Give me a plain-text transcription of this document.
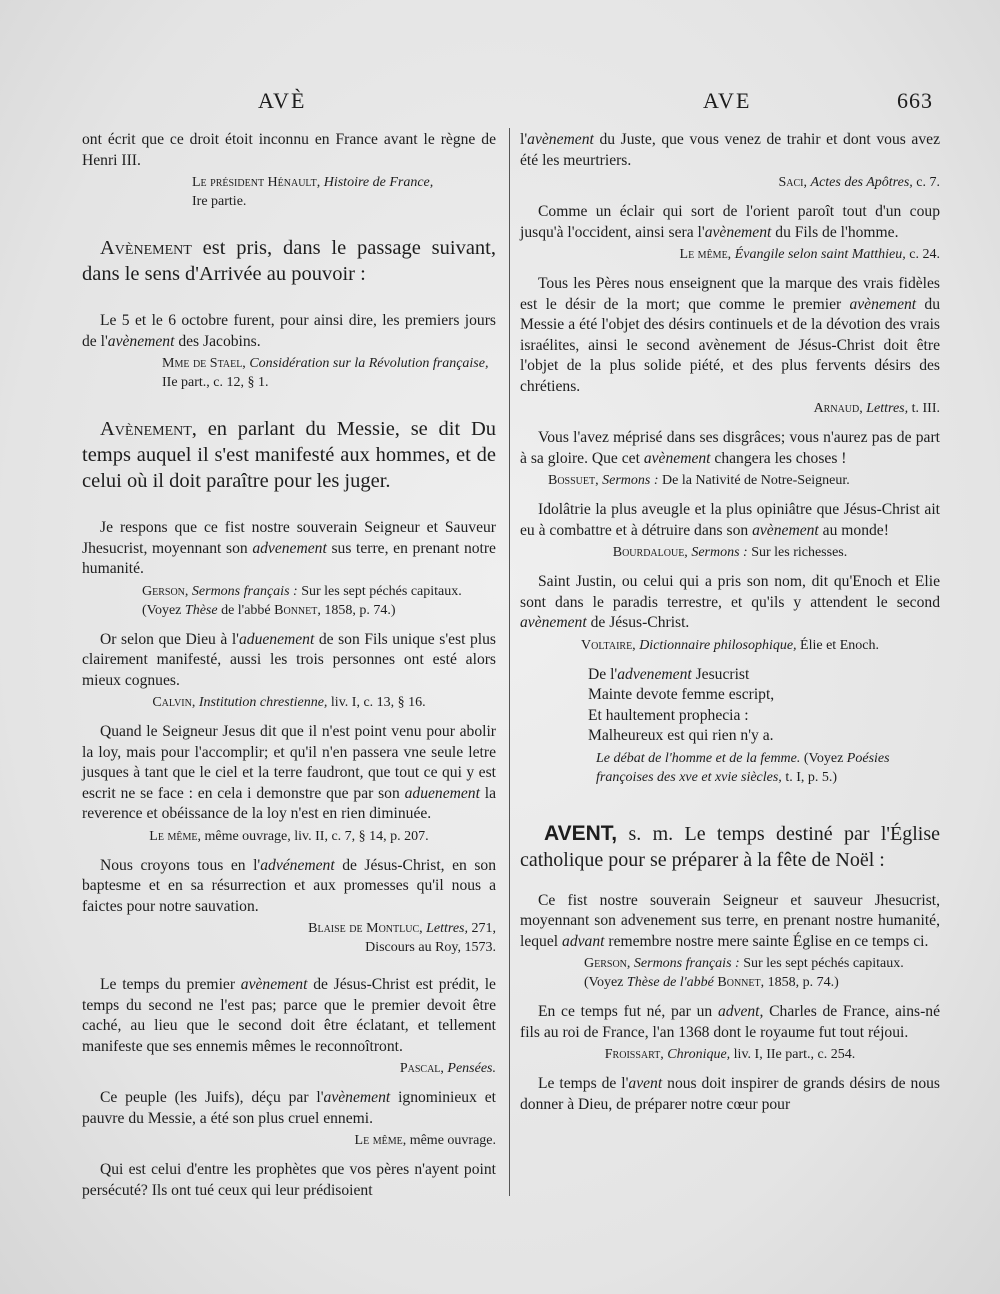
AVÈ	AVE	663

ont écrit que ce droit étoit inconnu en France avant le règne de Henri III.

Le président Hénault, Histoire de France,
Ire partie.

Avènement est pris, dans le passage suivant, dans le sens d'Arrivée au pouvoir :

Le 5 et le 6 octobre furent, pour ainsi dire, les premiers jours de l'avènement des Jacobins.

Mme de Stael, Considération sur la Révolution française, IIe part., c. 12, § 1.

Avènement, en parlant du Messie, se dit Du temps auquel il s'est manifesté aux hommes, et de celui où il doit paraître pour les juger.

Je respons que ce fist nostre souverain Seigneur et Sauveur Jhesucrist, moyennant son advenement sus terre, en prenant notre humanité.

Gerson, Sermons français : Sur les sept péchés capitaux. (Voyez Thèse de l'abbé Bonnet, 1858, p. 74.)

Or selon que Dieu à l'aduenement de son Fils unique s'est plus clairement manifesté, aussi les trois personnes ont esté alors mieux cognues.

Calvin, Institution chrestienne, liv. I, c. 13, § 16.

Quand le Seigneur Jesus dit que il n'est point venu pour abolir la loy, mais pour l'accomplir; et qu'il n'en passera vne seule letre jusques à tant que le ciel et la terre faudront, que tout ce qui y est escrit ne se face : en cela i demonstre que par son aduenement la reverence et obéissance de la loy n'est en rien diminuée.

Le même, même ouvrage, liv. II, c. 7, § 14, p. 207.

Nous croyons tous en l'advénement de Jésus-Christ, en son baptesme et en sa résurrection et aux promesses qu'il nous a faictes pour notre sauvation.

Blaise de Montluc, Lettres, 271,
Discours au Roy, 1573.

Le temps du premier avènement de Jésus-Christ est prédit, le temps du second ne l'est pas; parce que le premier devoit être caché, au lieu que le second doit être éclatant, et tellement manifeste que ses ennemis mêmes le reconnoîtront.

Pascal, Pensées.

Ce peuple (les Juifs), déçu par l'avènement ignominieux et pauvre du Messie, a été son plus cruel ennemi.

Le même, même ouvrage.

Qui est celui d'entre les prophètes que vos pères n'ayent point persécuté? Ils ont tué ceux qui leur prédisoient

l'avènement du Juste, que vous venez de trahir et dont vous avez été les meurtriers.

Saci, Actes des Apôtres, c. 7.

Comme un éclair qui sort de l'orient paroît tout d'un coup jusqu'à l'occident, ainsi sera l'avènement du Fils de l'homme.

Le même, Évangile selon saint Matthieu, c. 24.

Tous les Pères nous enseignent que la marque des vrais fidèles est le désir de la mort; que comme le premier avènement du Messie a été l'objet des désirs continuels et de la dévotion des vrais israélites, ainsi le second avènement de Jésus-Christ doit être l'objet de la plus solide piété, et des plus fervents désirs des chrétiens.

Arnaud, Lettres, t. III.

Vous l'avez méprisé dans ses disgrâces; vous n'aurez pas de part à sa gloire. Que cet avènement changera les choses !

Bossuet, Sermons : De la Nativité de Notre-Seigneur.

Idolâtrie la plus aveugle et la plus opiniâtre que Jésus-Christ ait eu à combattre et à détruire dans son avènement au monde!

Bourdaloue, Sermons : Sur les richesses.

Saint Justin, ou celui qui a pris son nom, dit qu'Enoch et Elie sont dans le paradis terrestre, et qu'ils y attendent le second avènement de Jésus-Christ.

Voltaire, Dictionnaire philosophique, Élie et Enoch.

De l'advenement Jesucrist
Mainte devote femme escript,
Et haultement prophecia :
Malheureux est qui rien n'y a.

Le débat de l'homme et de la femme. (Voyez Poésies françoises des xve et xvie siècles, t. I, p. 5.)

AVENT, s. m. Le temps destiné par l'Église catholique pour se préparer à la fête de Noël :

Ce fist nostre souverain Seigneur et sauveur Jhesucrist, moyennant son advenement sus terre, en prenant nostre humanité, lequel advant remembre nostre mere sainte Église en ce temps ci.

Gerson, Sermons français : Sur les sept péchés capitaux. (Voyez Thèse de l'abbé Bonnet, 1858, p. 74.)

En ce temps fut né, par un advent, Charles de France, ains-né fils au roi de France, l'an 1368 dont le royaume fut tout réjoui.

Froissart, Chronique, liv. I, IIe part., c. 254.

Le temps de l'avent nous doit inspirer de grands désirs de nous donner à Dieu, de préparer notre cœur pour
